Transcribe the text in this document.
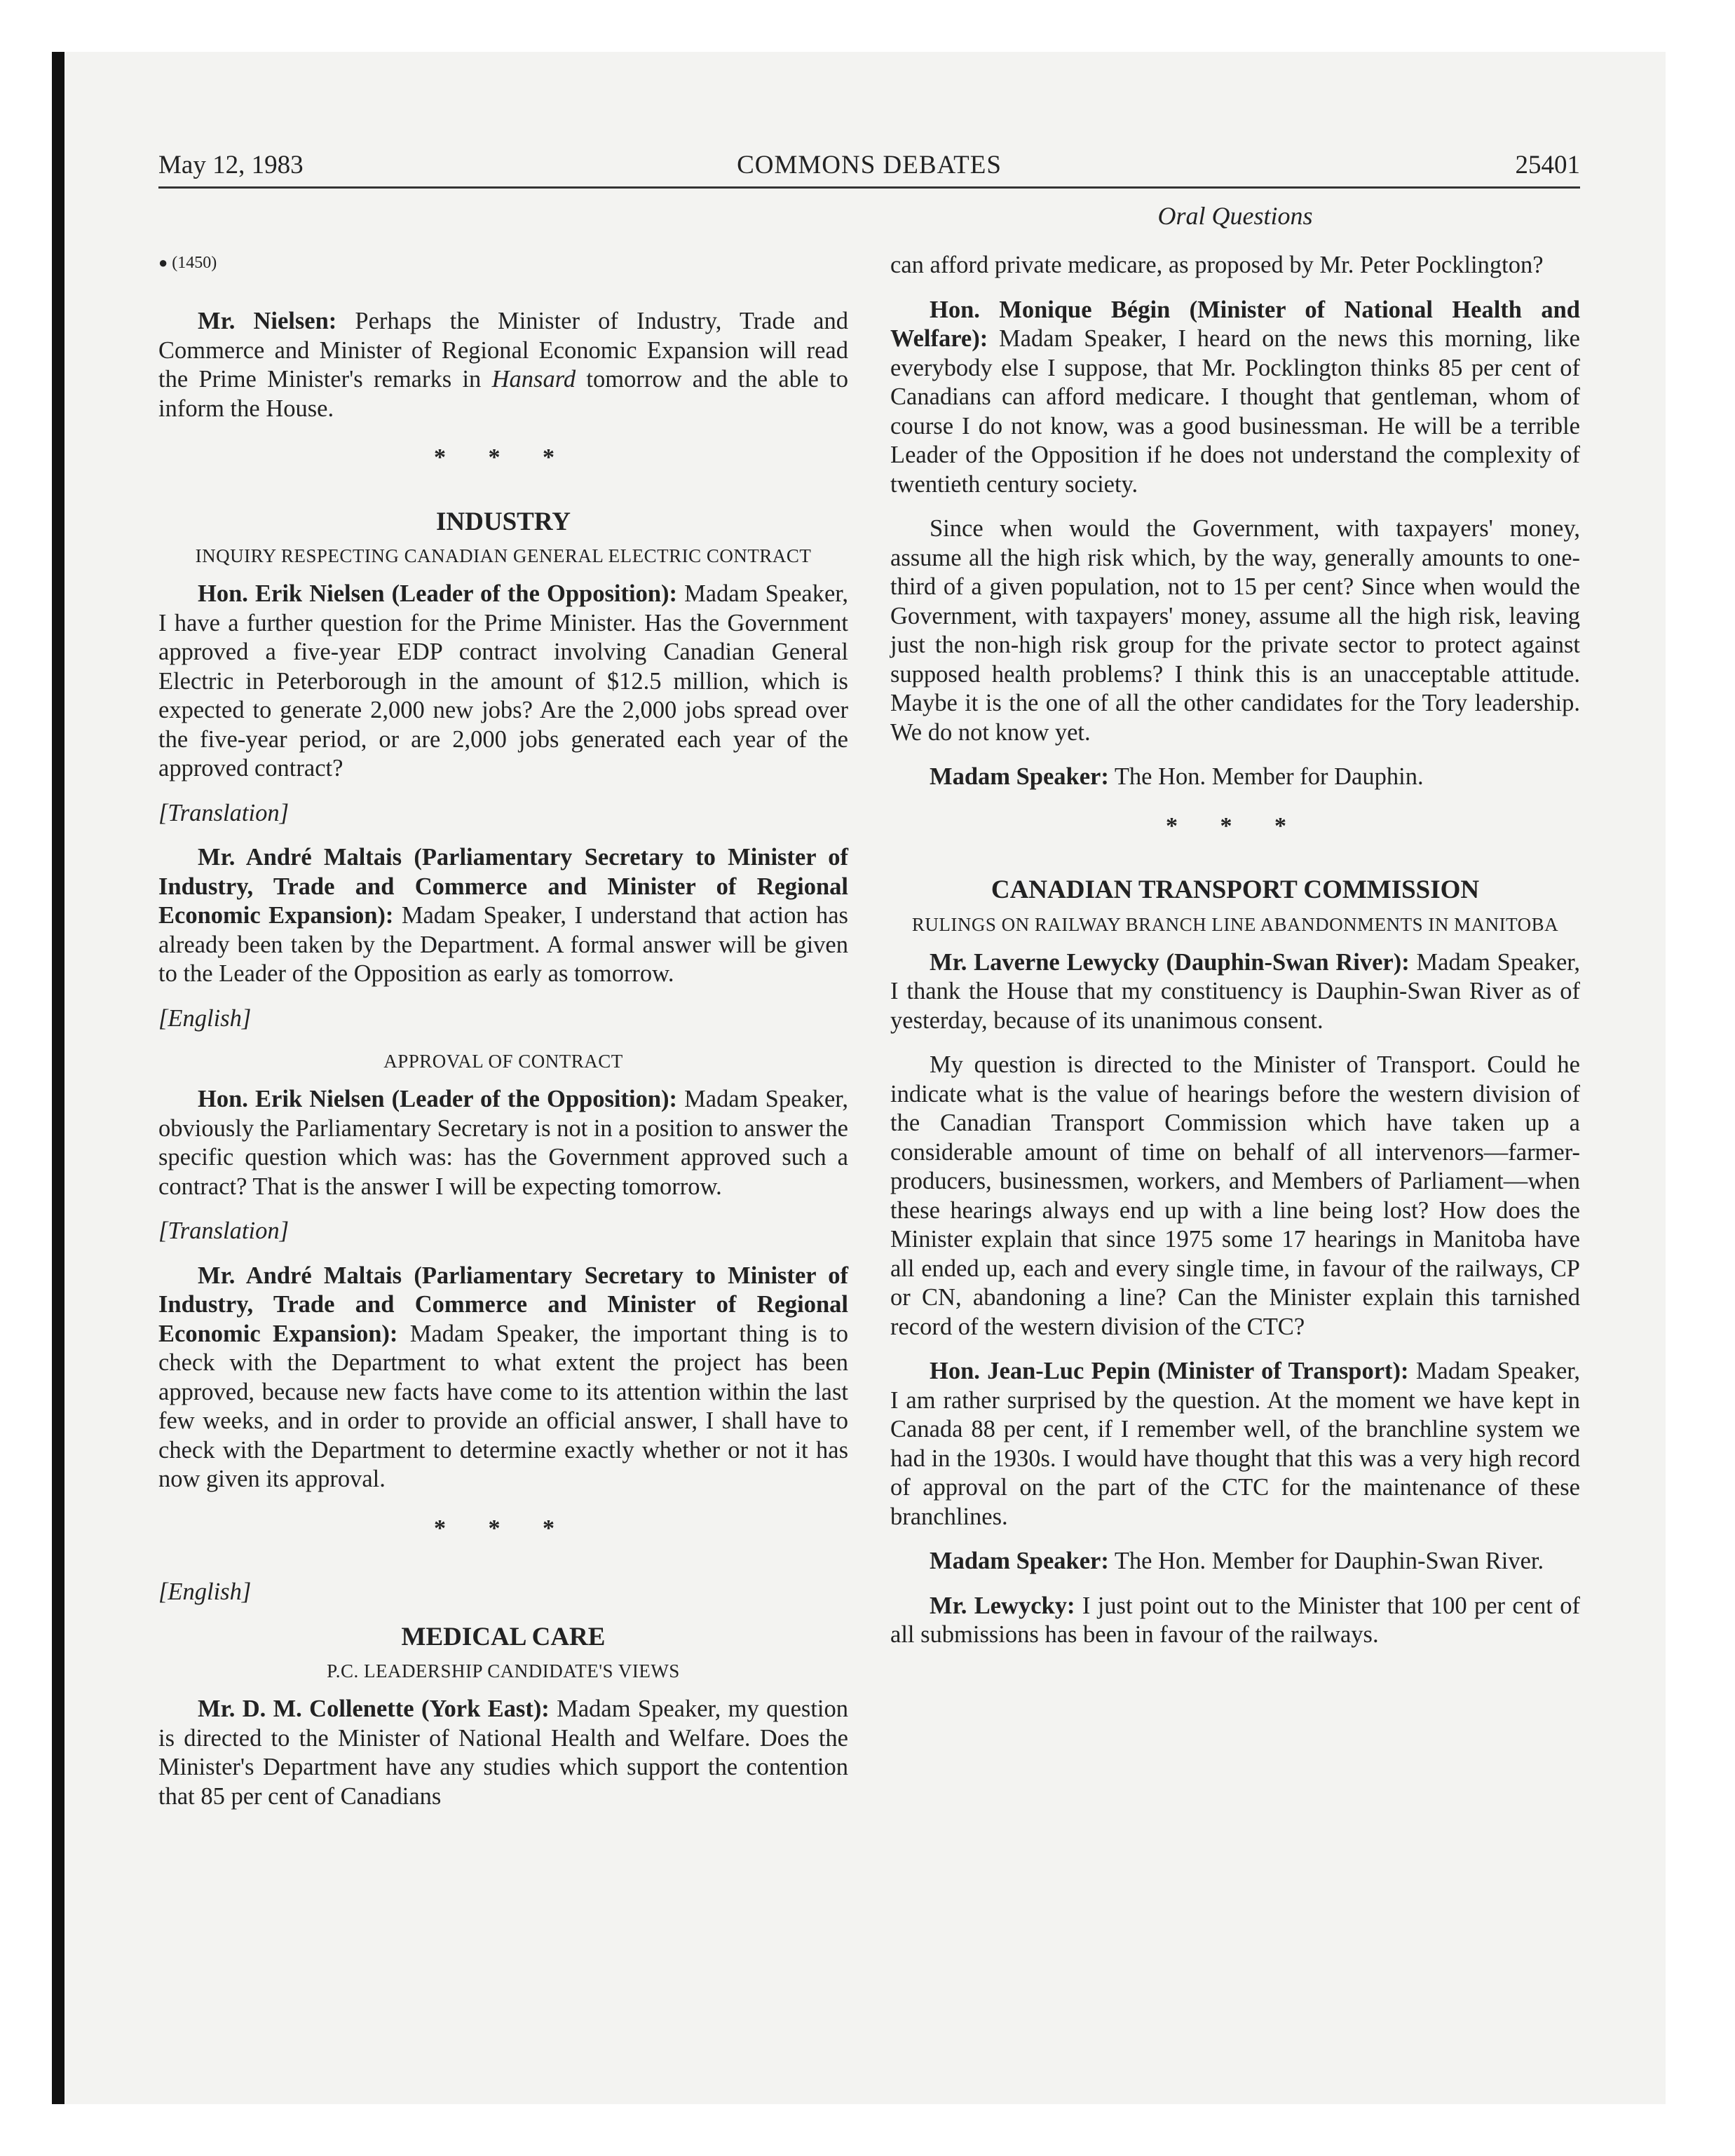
May 12, 1983	COMMONS DEBATES	25401
Oral Questions
● (1450)

Mr. Nielsen: Perhaps the Minister of Industry, Trade and Commerce and Minister of Regional Economic Expansion will read the Prime Minister's remarks in Hansard tomorrow and the able to inform the House.

* * *
INDUSTRY
INQUIRY RESPECTING CANADIAN GENERAL ELECTRIC CONTRACT

Hon. Erik Nielsen (Leader of the Opposition): Madam Speaker, I have a further question for the Prime Minister. Has the Government approved a five-year EDP contract involving Canadian General Electric in Peterborough in the amount of $12.5 million, which is expected to generate 2,000 new jobs? Are the 2,000 jobs spread over the five-year period, or are 2,000 jobs generated each year of the approved contract?

[Translation]

Mr. André Maltais (Parliamentary Secretary to Minister of Industry, Trade and Commerce and Minister of Regional Economic Expansion): Madam Speaker, I understand that action has already been taken by the Department. A formal answer will be given to the Leader of the Opposition as early as tomorrow.

[English]
APPROVAL OF CONTRACT

Hon. Erik Nielsen (Leader of the Opposition): Madam Speaker, obviously the Parliamentary Secretary is not in a position to answer the specific question which was: has the Government approved such a contract? That is the answer I will be expecting tomorrow.

[Translation]

Mr. André Maltais (Parliamentary Secretary to Minister of Industry, Trade and Commerce and Minister of Regional Economic Expansion): Madam Speaker, the important thing is to check with the Department to what extent the project has been approved, because new facts have come to its attention within the last few weeks, and in order to provide an official answer, I shall have to check with the Department to determine exactly whether or not it has now given its approval.

* * *
[English]
MEDICAL CARE
P.C. LEADERSHIP CANDIDATE'S VIEWS

Mr. D. M. Collenette (York East): Madam Speaker, my question is directed to the Minister of National Health and Welfare. Does the Minister's Department have any studies which support the contention that 85 per cent of Canadians

can afford private medicare, as proposed by Mr. Peter Pocklington?

Hon. Monique Bégin (Minister of National Health and Welfare): Madam Speaker, I heard on the news this morning, like everybody else I suppose, that Mr. Pocklington thinks 85 per cent of Canadians can afford medicare. I thought that gentleman, whom of course I do not know, was a good businessman. He will be a terrible Leader of the Opposition if he does not understand the complexity of twentieth century society.

Since when would the Government, with taxpayers' money, assume all the high risk which, by the way, generally amounts to one-third of a given population, not to 15 per cent? Since when would the Government, with taxpayers' money, assume all the high risk, leaving just the non-high risk group for the private sector to protect against supposed health problems? I think this is an unacceptable attitude. Maybe it is the one of all the other candidates for the Tory leadership. We do not know yet.

Madam Speaker: The Hon. Member for Dauphin.

* * *
CANADIAN TRANSPORT COMMISSION
RULINGS ON RAILWAY BRANCH LINE ABANDONMENTS IN MANITOBA

Mr. Laverne Lewycky (Dauphin-Swan River): Madam Speaker, I thank the House that my constituency is Dauphin-Swan River as of yesterday, because of its unanimous consent.

My question is directed to the Minister of Transport. Could he indicate what is the value of hearings before the western division of the Canadian Transport Commission which have taken up a considerable amount of time on behalf of all intervenors—farmer-producers, businessmen, workers, and Members of Parliament—when these hearings always end up with a line being lost? How does the Minister explain that since 1975 some 17 hearings in Manitoba have all ended up, each and every single time, in favour of the railways, CP or CN, abandoning a line? Can the Minister explain this tarnished record of the western division of the CTC?

Hon. Jean-Luc Pepin (Minister of Transport): Madam Speaker, I am rather surprised by the question. At the moment we have kept in Canada 88 per cent, if I remember well, of the branchline system we had in the 1930s. I would have thought that this was a very high record of approval on the part of the CTC for the maintenance of these branchlines.

Madam Speaker: The Hon. Member for Dauphin-Swan River.

Mr. Lewycky: I just point out to the Minister that 100 per cent of all submissions has been in favour of the railways.
